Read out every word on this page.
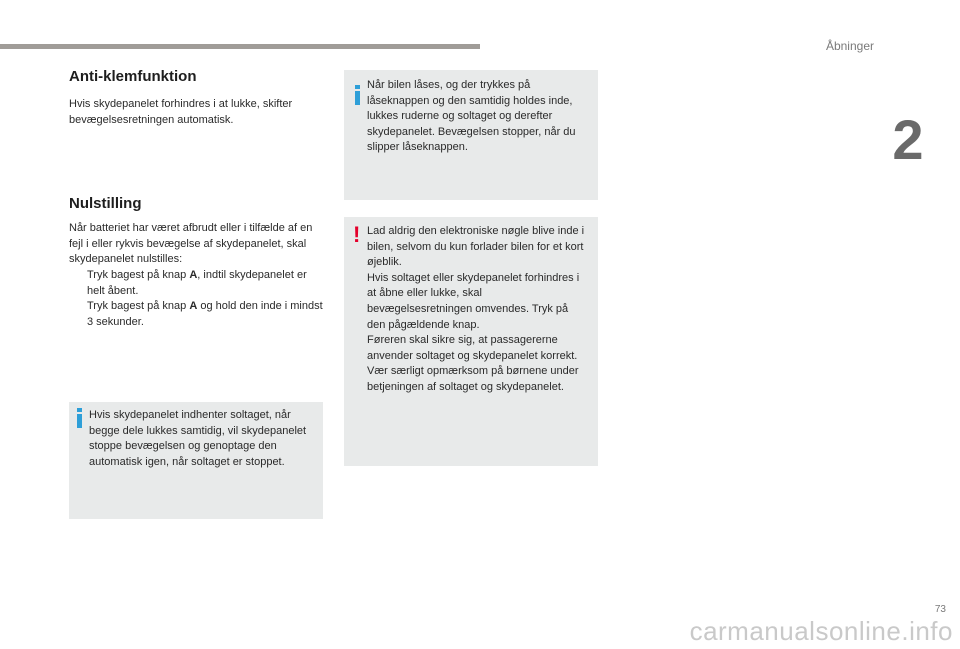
Åbninger
2
Anti-klemfunktion

Hvis skydepanelet forhindres i at lukke, skifter bevægelsesretningen automatisk.

Nulstilling

Når batteriet har været afbrudt eller i tilfælde af en fejl i eller rykvis bevægelse af skydepanelet, skal skydepanelet nulstilles:

Tryk bagest på knap A, indtil skydepanelet er helt åbent.
Tryk bagest på knap A og hold den inde i mindst 3 sekunder.

Hvis skydepanelet indhenter soltaget, når begge dele lukkes samtidig, vil skydepanelet stoppe bevægelsen og genoptage den automatisk igen, når soltaget er stoppet.

Når bilen låses, og der trykkes på låseknappen og den samtidig holdes inde, lukkes ruderne og soltaget og derefter skydepanelet. Bevægelsen stopper, når du slipper låseknappen.

! Lad aldrig den elektroniske nøgle blive inde i bilen, selvom du kun forlader bilen for et kort øjeblik.
Hvis soltaget eller skydepanelet forhindres i at åbne eller lukke, skal bevægelsesretningen omvendes. Tryk på den pågældende knap.
Føreren skal sikre sig, at passagererne anvender soltaget og skydepanelet korrekt.
Vær særligt opmærksom på børnene under betjeningen af soltaget og skydepanelet.
73
carmanualsonline.info
